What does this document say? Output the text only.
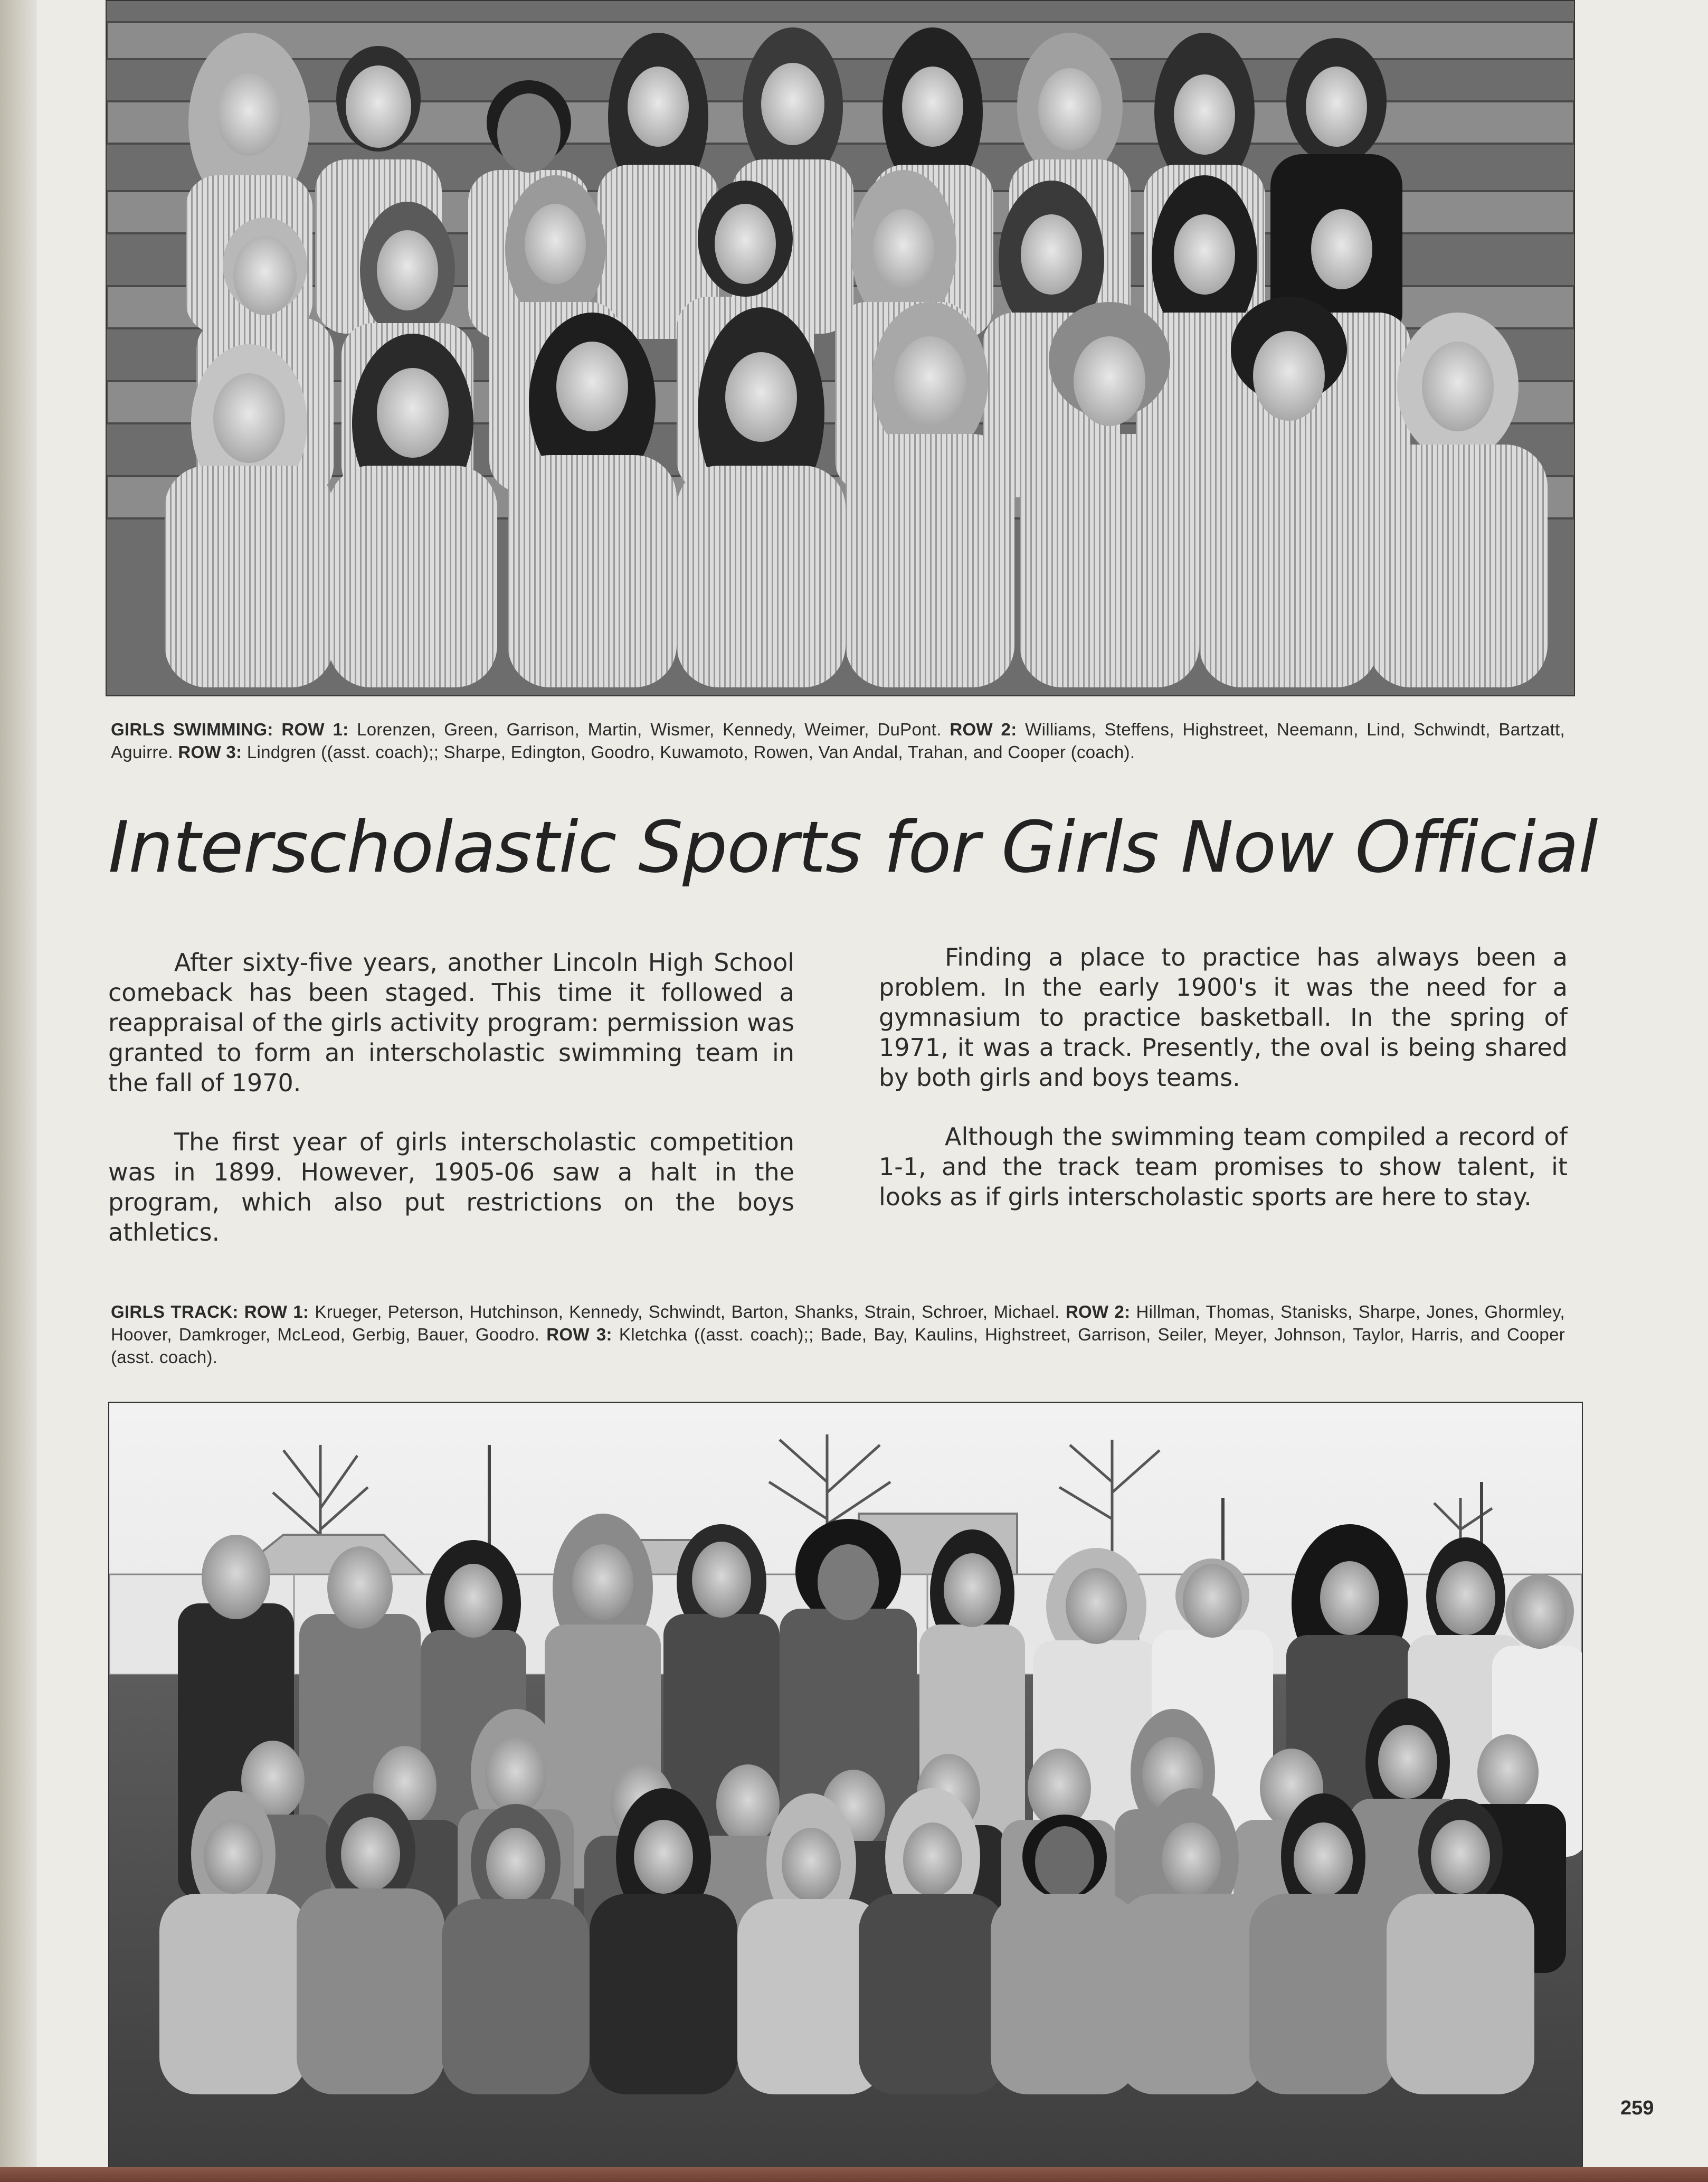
GIRLS SWIMMING: ROW 1: Lorenzen, Green, Garrison, Martin, Wismer, Kennedy, Weimer, DuPont. ROW 2: Williams, Steffens, Highstreet, Neemann, Lind, Schwindt, Bartzatt, Aguirre. ROW 3: Lindgren ((asst. coach);; Sharpe, Edington, Goodro, Kuwamoto, Rowen, Van Andal, Trahan, and Cooper (coach).
Interscholastic Sports for Girls Now Official

After sixty-five years, another Lincoln High School comeback has been staged. This time it followed a reappraisal of the girls activity program: permission was granted to form an interscholastic swimming team in the fall of 1970.

The first year of girls interscholastic competition was in 1899. However, 1905-06 saw a halt in the program, which also put restrictions on the boys athletics.

Finding a place to practice has always been a problem. In the early 1900's it was the need for a gymnasium to practice basketball. In the spring of 1971, it was a track. Presently, the oval is being shared by both girls and boys teams.

Although the swimming team compiled a record of 1-1, and the track team promises to show talent, it looks as if girls interscholastic sports are here to stay.

GIRLS TRACK: ROW 1: Krueger, Peterson, Hutchinson, Kennedy, Schwindt, Barton, Shanks, Strain, Schroer, Michael. ROW 2: Hillman, Thomas, Stanisks, Sharpe, Jones, Ghormley, Hoover, Damkroger, McLeod, Gerbig, Bauer, Goodro. ROW 3: Kletchka ((asst. coach);; Bade, Bay, Kaulins, Highstreet, Garrison, Seiler, Meyer, Johnson, Taylor, Harris, and Cooper (asst. coach).
259
